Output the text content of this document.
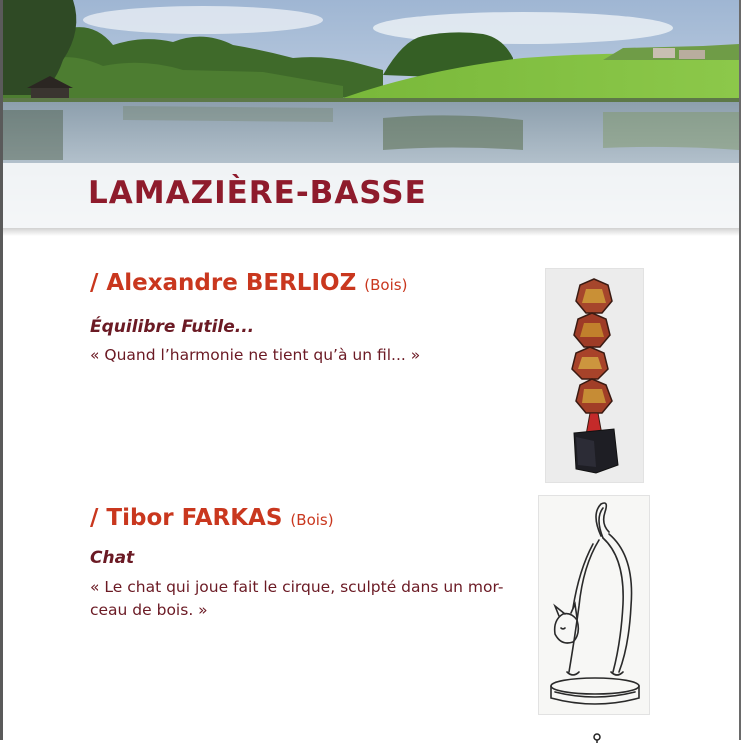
LAMAZIÈRE-BASSE
/ Alexandre BERLIOZ (Bois)

Équilibre Futile...

« Quand l’harmonie ne tient qu’à un fil... »

/ Tibor FARKAS (Bois)

Chat

« Le chat qui joue fait le cirque, sculpté dans un mor-ceau de bois. »
